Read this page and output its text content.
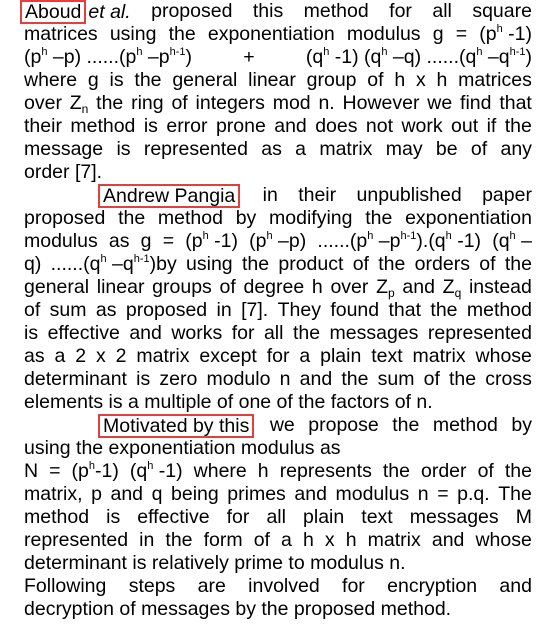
Aboud et al. proposed this method for all square
matrices using the exponentiation modulus $g = (p^h$ -1)
($p^h$ –p) $......(p^h$ $-p^{h-1}$)	+	($q^h$ -1) ($q^h$ –q) $......(q^h$ $-q^{h-1}$)
where g is the general linear group of h x h matrices
over $Z_n$ the ring of integers mod n. However we find that
their method is error prone and does not work out if the
message is represented as a matrix may be of any
order [7].
Andrew Pangia in their unpublished paper
proposed the method by modifying the exponentiation
modulus as $g = (p^h$ -1) ($p^h$ –p) $......(p^h$ $-p^{h-1}).(q^h$ -1) ($q^h$ –
q) $......(q^h$ $-q^{h-1})by$ using the product of the orders of the
general linear groups of degree h over $Z_p$ and $Z_q$ instead
of sum as proposed in [7]. They found that the method
is effective and works for all the messages represented
as a 2 x 2 matrix except for a plain text matrix whose
determinant is zero modulo n and the sum of the cross
elements is a multiple of one of the factors of n.
Motivated by this we propose the method by
using the exponentiation modulus as
$N = (p^h-1)$ ($q^h$ -1) where h represents the order of the
matrix, p and q being primes and modulus n = p.q. The
method is effective for all plain text messages M
represented in the form of a h x h matrix and whose
determinant is relatively prime to modulus n.
Following steps are involved for encryption and
decryption of messages by the proposed method.
